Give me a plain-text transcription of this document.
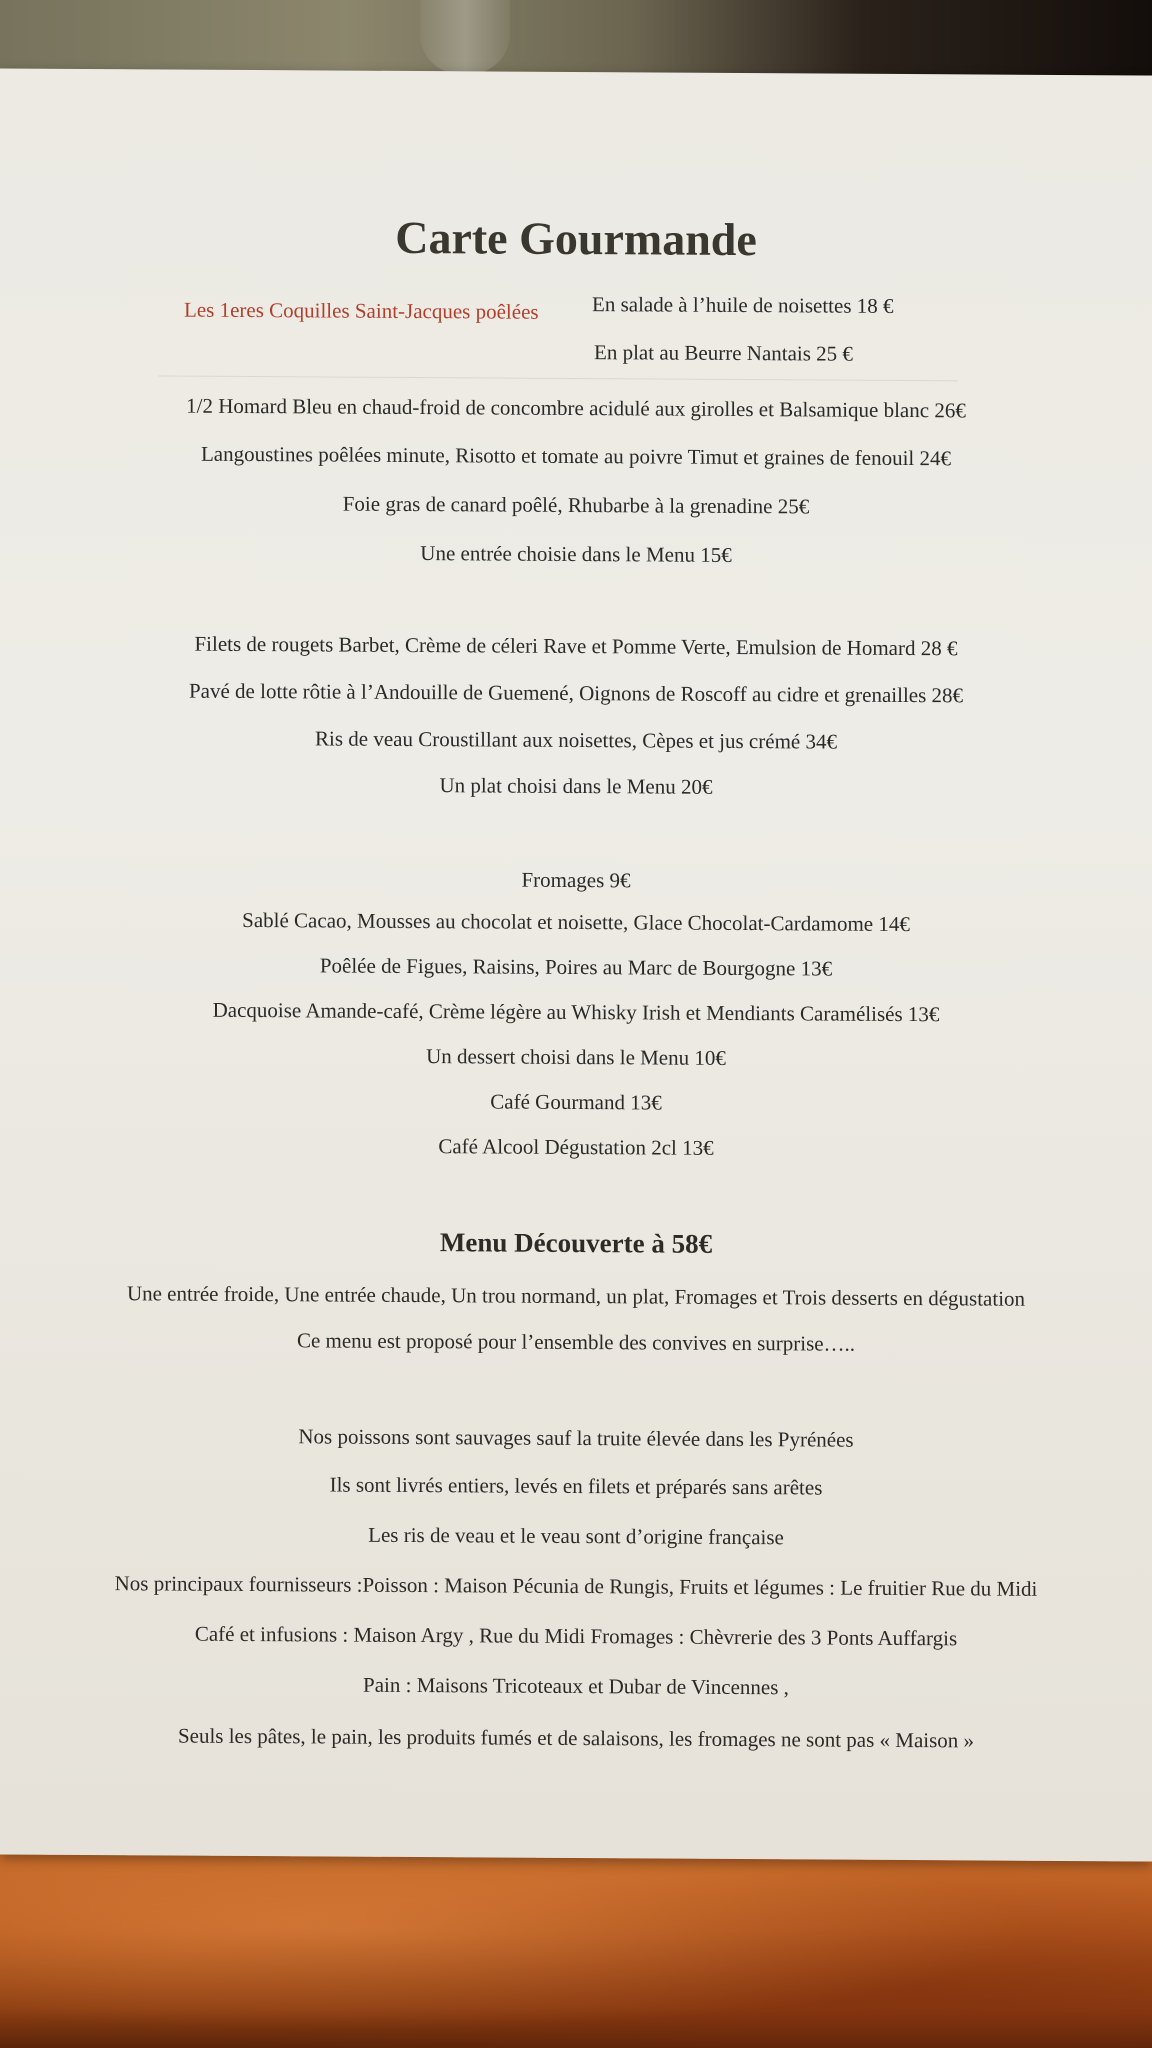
Carte Gourmande
Les 1eres Coquilles Saint-Jacques poêlées	En salade à l’huile de noisettes 18 €
En plat au Beurre Nantais 25 €
1/2 Homard Bleu en chaud-froid de concombre acidulé aux girolles et Balsamique blanc 26€
Langoustines poêlées minute, Risotto et tomate au poivre Timut et graines de fenouil 24€
Foie gras de canard poêlé, Rhubarbe à la grenadine 25€
Une entrée choisie dans le Menu 15€
Filets de rougets Barbet, Crème de céleri Rave et Pomme Verte, Emulsion de Homard 28 €
Pavé de lotte rôtie à l’Andouille de Guemené, Oignons de Roscoff au cidre et grenailles 28€
Ris de veau Croustillant aux noisettes, Cèpes et jus crémé 34€
Un plat choisi dans le Menu 20€
Fromages 9€
Sablé Cacao, Mousses au chocolat et noisette, Glace Chocolat-Cardamome 14€
Poêlée de Figues, Raisins, Poires au Marc de Bourgogne 13€
Dacquoise Amande-café, Crème légère au Whisky Irish et Mendiants Caramélisés 13€
Un dessert choisi dans le Menu 10€
Café Gourmand 13€
Café Alcool Dégustation 2cl 13€
Menu Découverte à 58€
Une entrée froide, Une entrée chaude, Un trou normand, un plat, Fromages et Trois desserts en dégustation
Ce menu est proposé pour l’ensemble des convives en surprise…..
Nos poissons sont sauvages sauf la truite élevée dans les Pyrénées
Ils sont livrés entiers, levés en filets et préparés sans arêtes
Les ris de veau et le veau sont d’origine française
Nos principaux fournisseurs :Poisson : Maison Pécunia de Rungis, Fruits et légumes : Le fruitier Rue du Midi
Café et infusions : Maison Argy , Rue du Midi Fromages : Chèvrerie des 3 Ponts Auffargis
Pain : Maisons Tricoteaux et Dubar de Vincennes ,
Seuls les pâtes, le pain, les produits fumés et de salaisons, les fromages ne sont pas « Maison »
